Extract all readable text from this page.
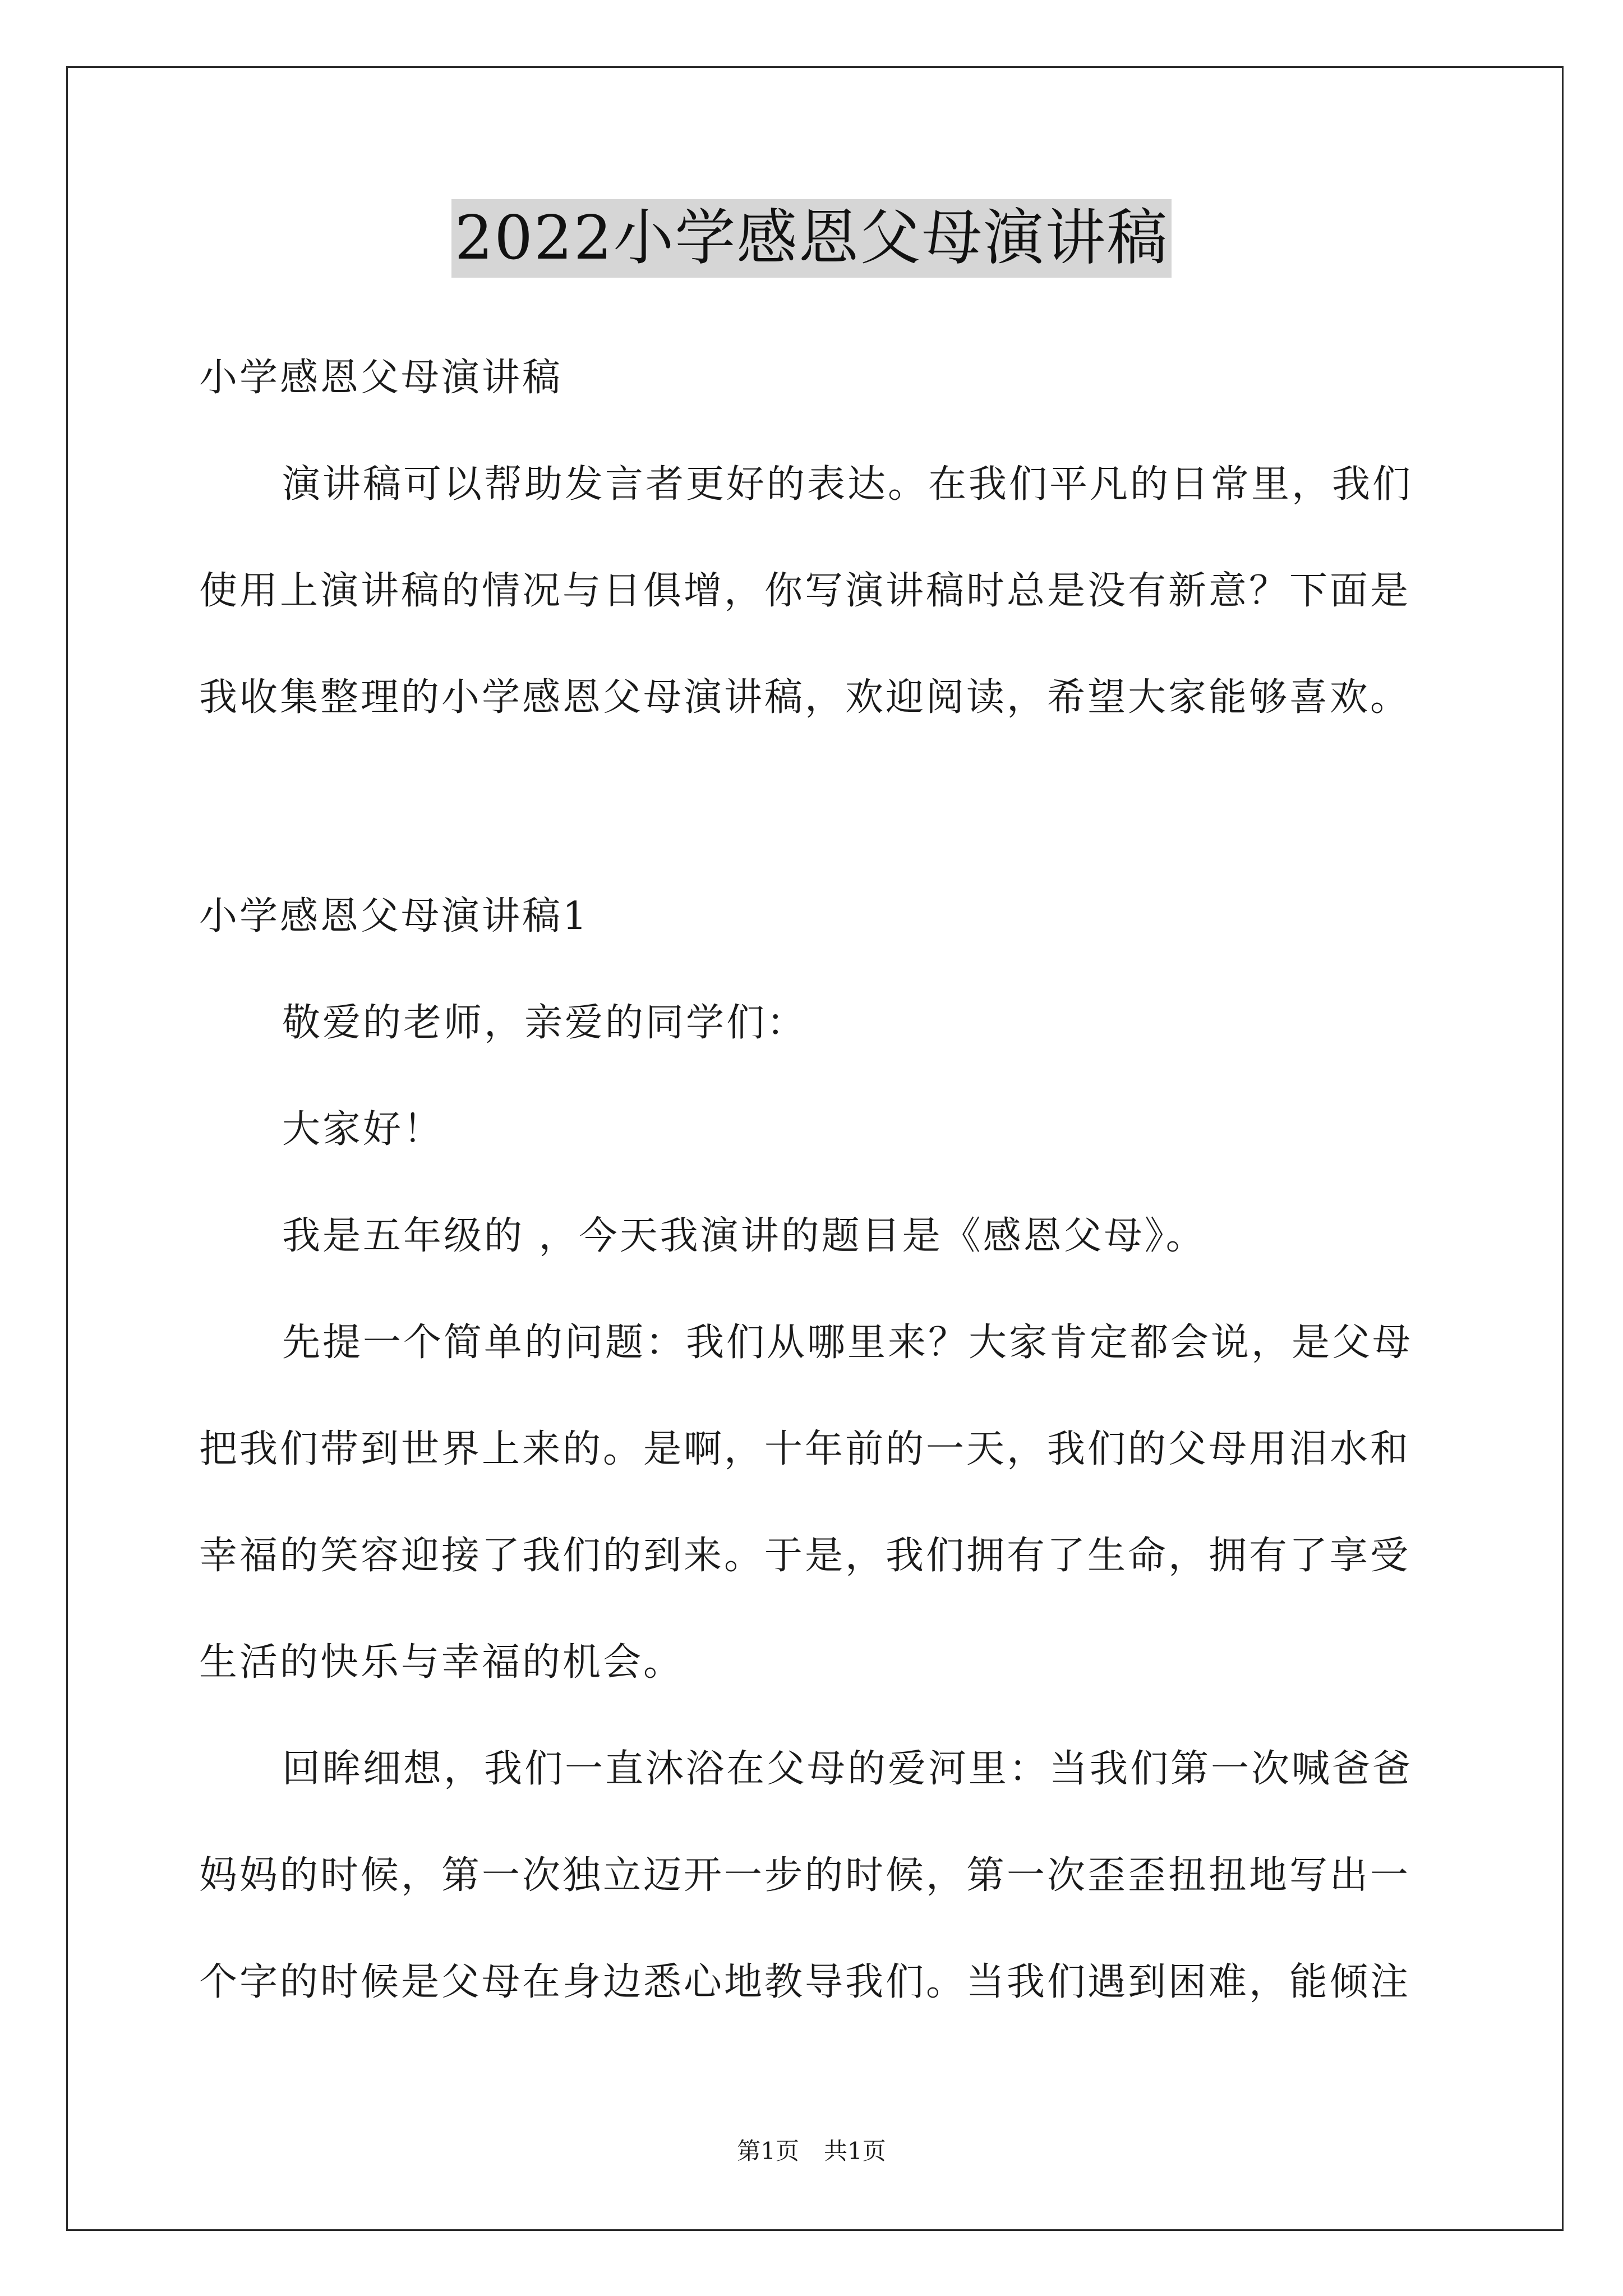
2022小学感恩父母演讲稿
小学感恩父母演讲稿
演讲稿可以帮助发言者更好的表达。在我们平凡的日常里，我们
使用上演讲稿的情况与日俱增，你写演讲稿时总是没有新意？下面是
我收集整理的小学感恩父母演讲稿，欢迎阅读，希望大家能够喜欢。
小学感恩父母演讲稿1
敬爱的老师，亲爱的同学们：
大家好！
我是五年级的 ，今天我演讲的题目是《感恩父母》。
先提一个简单的问题：我们从哪里来？大家肯定都会说，是父母
把我们带到世界上来的。是啊，十年前的一天，我们的父母用泪水和
幸福的笑容迎接了我们的到来。于是，我们拥有了生命，拥有了享受
生活的快乐与幸福的机会。
回眸细想，我们一直沐浴在父母的爱河里：当我们第一次喊爸爸
妈妈的时候，第一次独立迈开一步的时候，第一次歪歪扭扭地写出一
个字的时候是父母在身边悉心地教导我们。当我们遇到困难，能倾注
第1页 共1页
